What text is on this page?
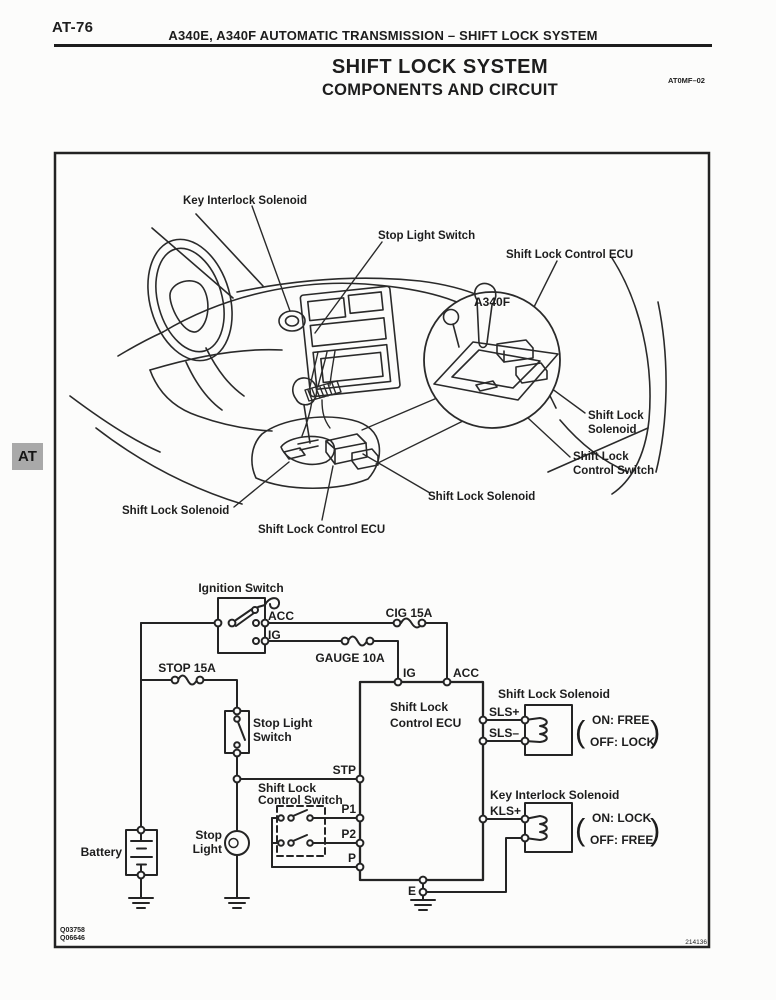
AT-76	A340E, A340F AUTOMATIC TRANSMISSION – SHIFT LOCK SYSTEM
SHIFT LOCK SYSTEM
COMPONENTS AND CIRCUIT
AT0MF–02
AT
Key Interlock Solenoid
Stop Light Switch
Shift Lock Control ECU
A340F
Shift Lock
Solenoid
Shift Lock
Control Switch
Shift Lock Solenoid
Shift Lock Solenoid
Shift Lock Control ECU
Ignition Switch
ACC
IG
CIG 15A
GAUGE 10A
STOP 15A	IG	ACC
Stop Light
Switch
STP
Shift Lock
Control Switch
P1
P2
P
Battery
Stop
Light
Shift Lock
Control ECU
SLS+
SLS–
Shift Lock Solenoid
( ON: FREE
OFF: LOCK
)
Key Interlock Solenoid
KLS+
( ON: LOCK
OFF: FREE
)
E
Q03758
Q06646
214136
